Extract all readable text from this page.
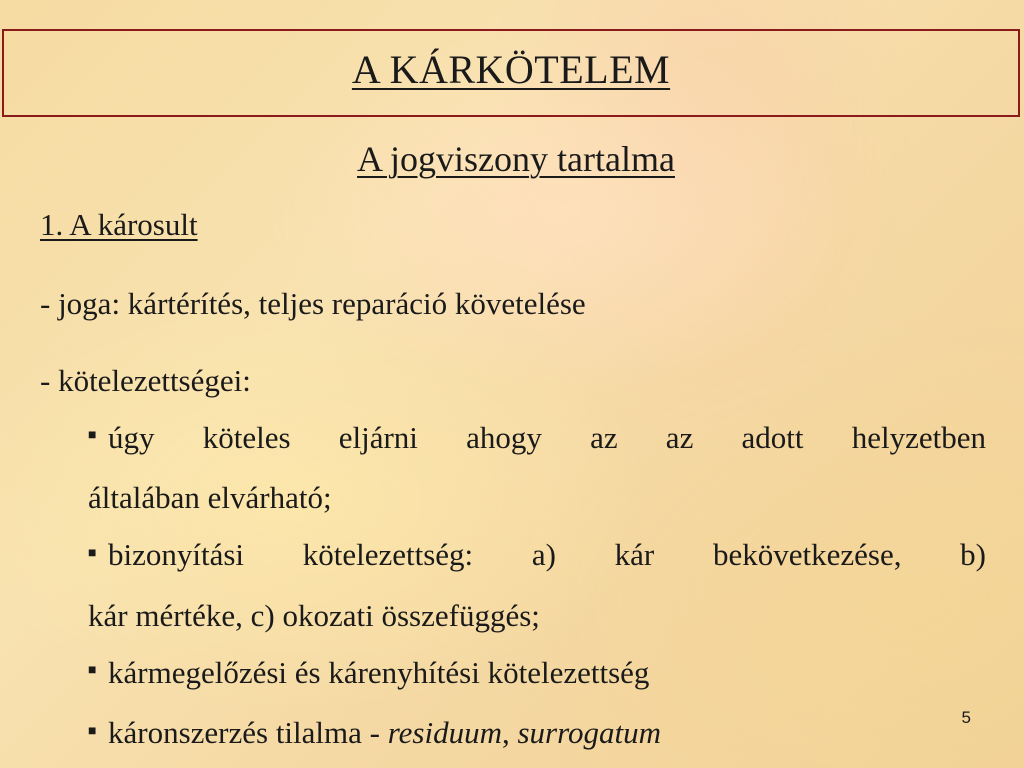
A KÁRKÖTELEM
A jogviszony tartalma
1. A károsult
- joga: kártérítés, teljes reparáció követelése
- kötelezettségei:
■ úgy köteles eljárni ahogy az az adott helyzetben
általában elvárható;
■ bizonyítási kötelezettség: a) kár bekövetkezése, b)
kár mértéke, c) okozati összefüggés;
■ kármegelőzési és kárenyhítési kötelezettség
■ káronszerzés tilalma - residuum, surrogatum	5
